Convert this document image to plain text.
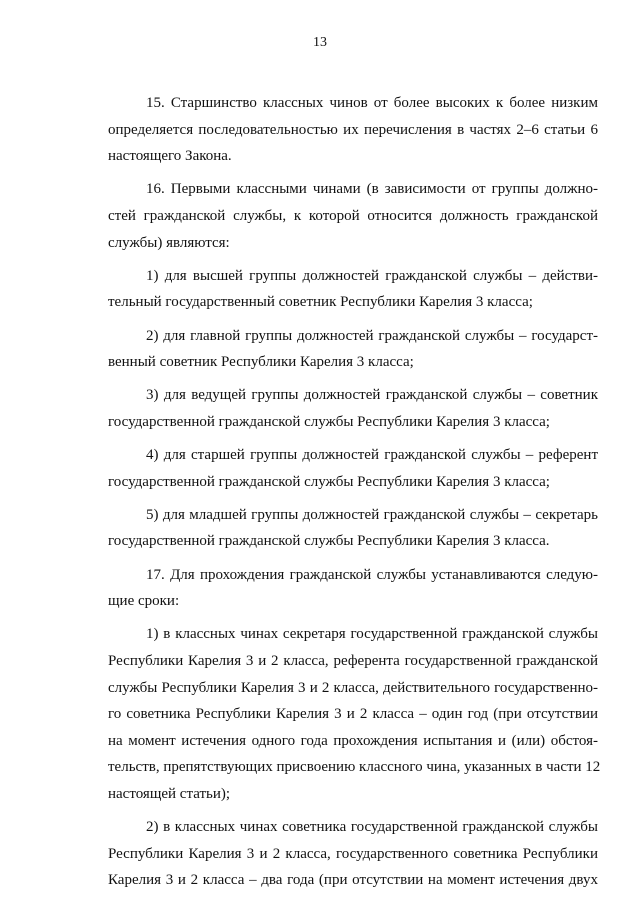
13

15. Старшинство классных чинов от более высоких к более низким
определяется последовательностью их перечисления в частях 2–6 статьи 6
настоящего Закона.

16. Первыми классными чинами (в зависимости от группы должно-
стей гражданской службы, к которой относится должность гражданской
службы) являются:

1) для высшей группы должностей гражданской службы – действи-
тельный государственный советник Республики Карелия 3 класса;

2) для главной группы должностей гражданской службы – государст-
венный советник Республики Карелия 3 класса;

3) для ведущей группы должностей гражданской службы – советник
государственной гражданской службы Республики Карелия 3 класса;

4) для старшей группы должностей гражданской службы – референт
государственной гражданской службы Республики Карелия 3 класса;

5) для младшей группы должностей гражданской службы – секретарь
государственной гражданской службы Республики Карелия 3 класса.

17. Для прохождения гражданской службы устанавливаются следую-
щие сроки:

1) в классных чинах секретаря государственной гражданской службы
Республики Карелия 3 и 2 класса, референта государственной гражданской
службы Республики Карелия 3 и 2 класса, действительного государственно-
го советника Республики Карелия 3 и 2 класса – один год (при отсутствии
на момент истечения одного года прохождения испытания и (или) обстоя-
тельств, препятствующих присвоению классного чина, указанных в части 12
настоящей статьи);

2) в классных чинах советника государственной гражданской службы
Республики Карелия 3 и 2 класса, государственного советника Республики
Карелия 3 и 2 класса – два года (при отсутствии на момент истечения двух
